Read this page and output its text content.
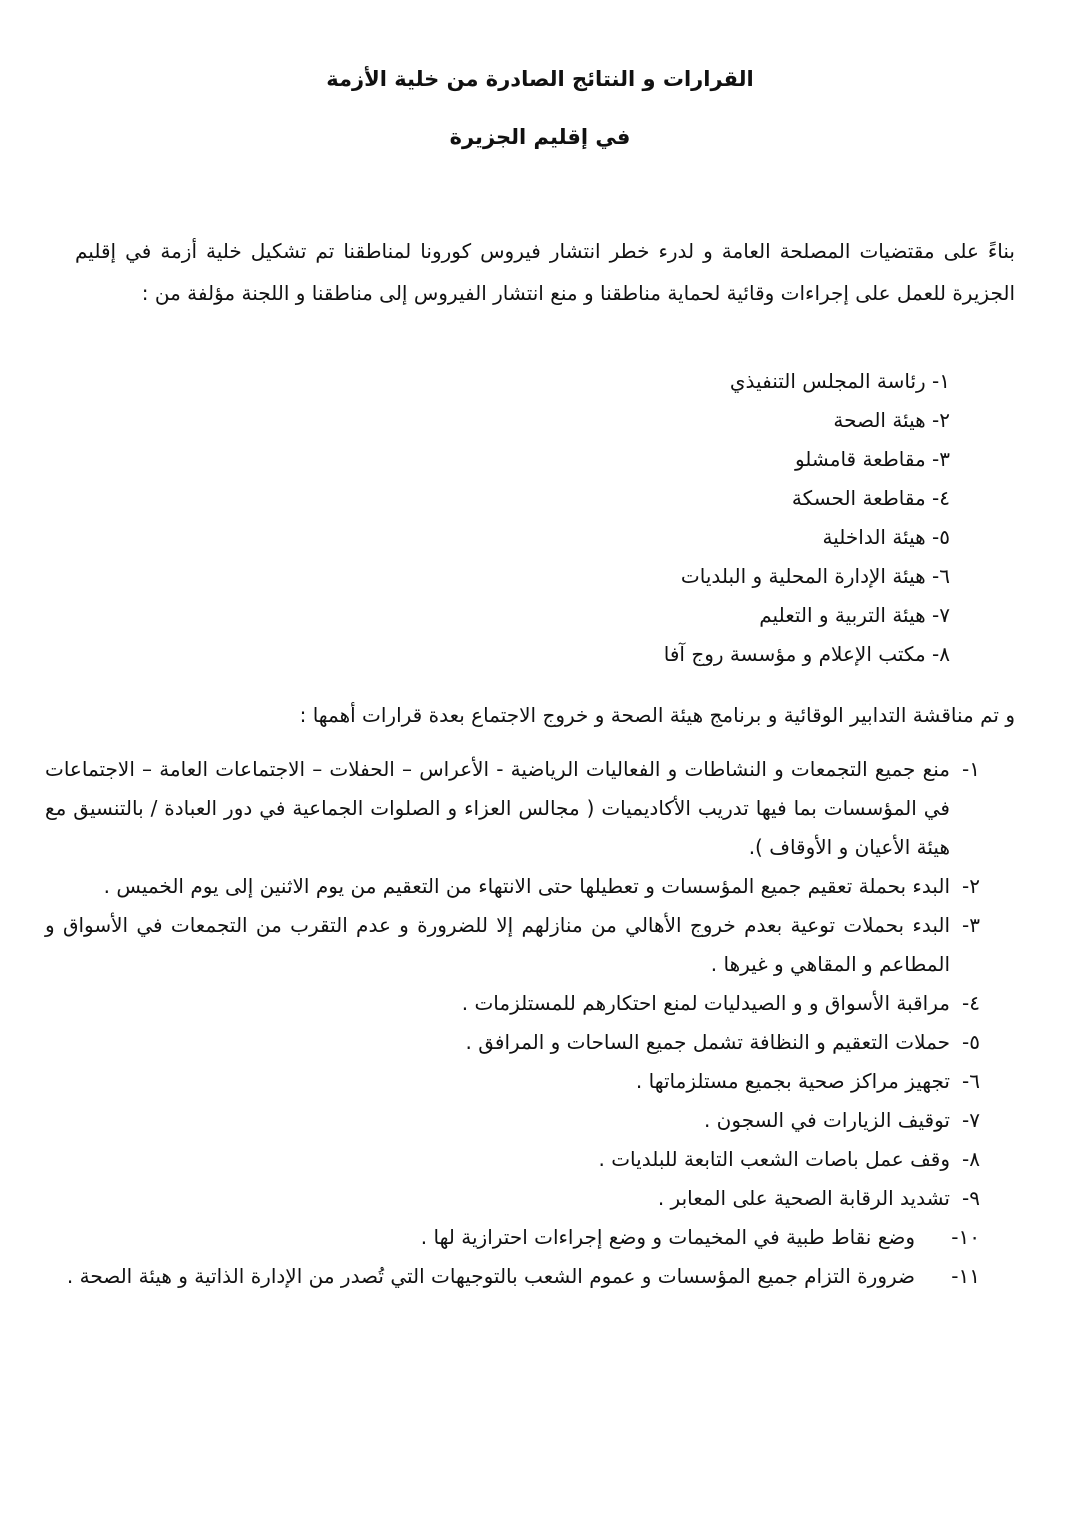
القرارات و النتائج الصادرة من خلية الأزمة
في إقليم الجزيرة
بناءً على مقتضيات المصلحة العامة و لدرء خطر انتشار فيروس كورونا لمناطقنا تم تشكيل خلية أزمة في إقليم الجزيرة للعمل على إجراءات وقائية لحماية مناطقنا و منع انتشار الفيروس إلى مناطقنا و اللجنة مؤلفة من :
١- رئاسة المجلس التنفيذي
٢- هيئة الصحة
٣- مقاطعة قامشلو
٤- مقاطعة الحسكة
٥- هيئة الداخلية
٦- هيئة الإدارة المحلية و البلديات
٧- هيئة التربية و التعليم
٨- مكتب الإعلام و مؤسسة روج آفا
و تم مناقشة التدابير الوقائية و برنامج هيئة الصحة و خروج الاجتماع بعدة قرارات أهمها :
١-
منع جميع التجمعات و النشاطات و الفعاليات الرياضية - الأعراس – الحفلات – الاجتماعات العامة – الاجتماعات في المؤسسات بما فيها تدريب الأكاديميات ( مجالس العزاء و الصلوات الجماعية في دور العبادة / بالتنسيق مع هيئة الأعيان و الأوقاف ).
٢-
البدء بحملة تعقيم جميع المؤسسات و تعطيلها حتى الانتهاء من التعقيم من يوم الاثنين إلى يوم الخميس .
٣-
البدء بحملات توعية بعدم خروج الأهالي من منازلهم إلا للضرورة و عدم التقرب من التجمعات في الأسواق و المطاعم و المقاهي و غيرها .
٤-
مراقبة الأسواق و و الصيدليات لمنع احتكارهم للمستلزمات .
٥-
حملات التعقيم و النظافة تشمل جميع الساحات و المرافق .
٦-
تجهيز مراكز صحية بجميع مستلزماتها .
٧-
توقيف الزيارات في السجون .
٨-
وقف عمل باصات الشعب التابعة للبلديات .
٩-
تشديد الرقابة الصحية على المعابر .
١٠-
وضع نقاط طبية في المخيمات و وضع إجراءات احترازية لها .
١١-
ضرورة التزام جميع المؤسسات و عموم الشعب بالتوجيهات التي تُصدر من الإدارة الذاتية و هيئة الصحة .
